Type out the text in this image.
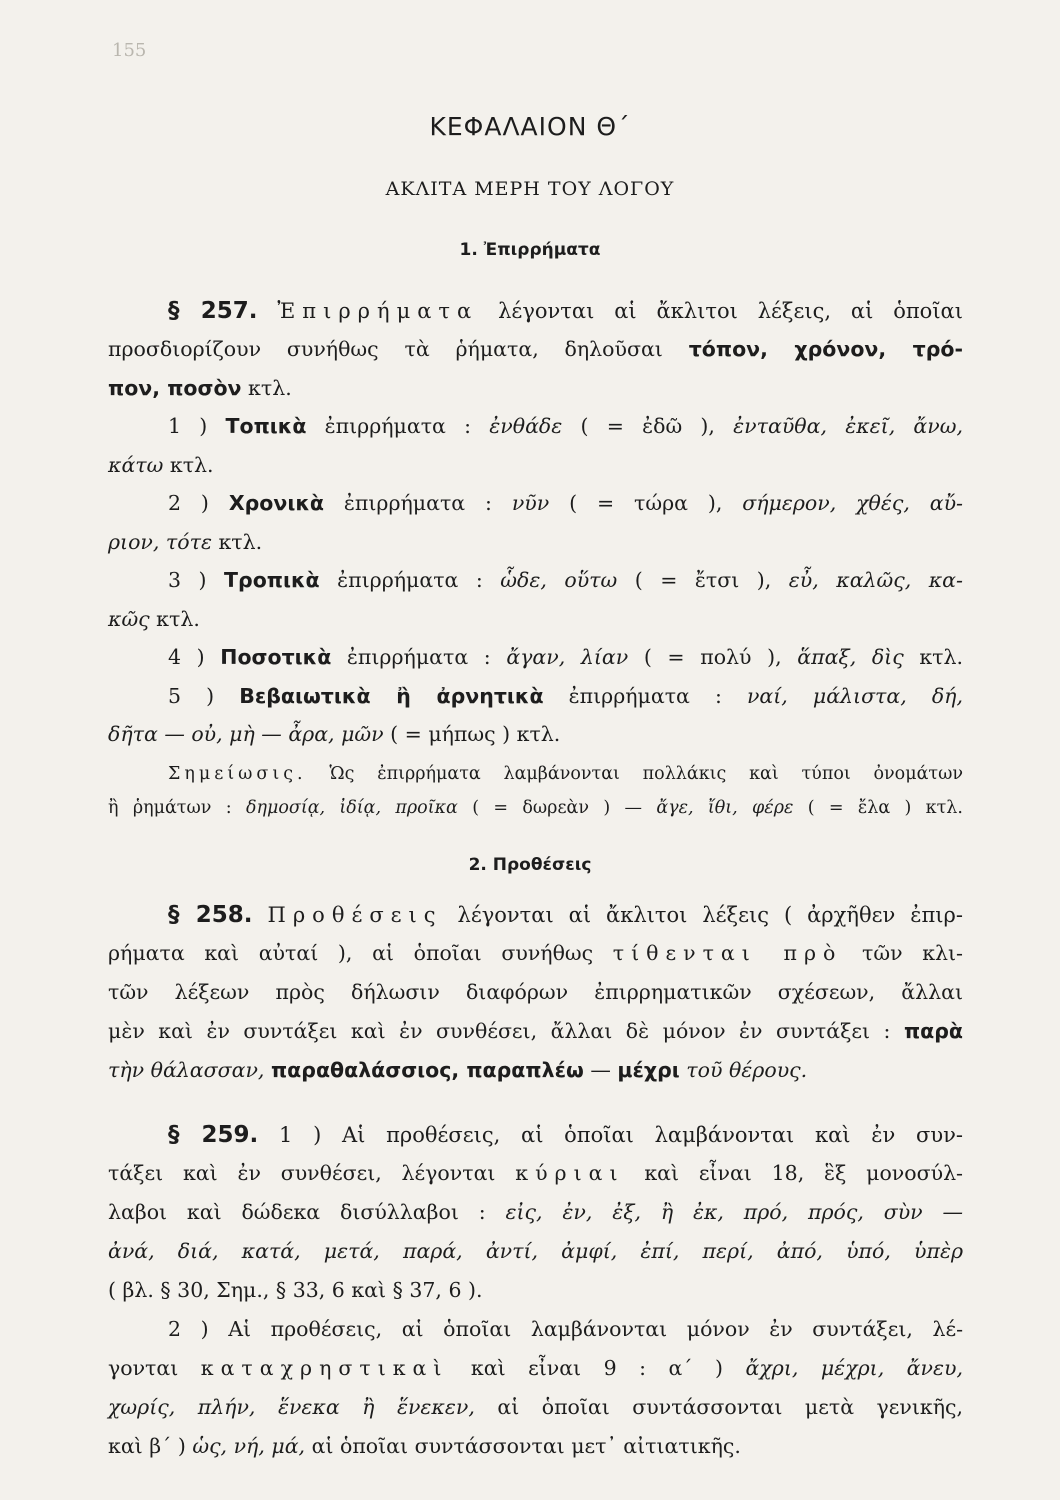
155
ΚΕΦΑΛΑΙΟΝ Θ΄
ΑΚΛΙΤΑ ΜΕΡΗ ΤΟΥ ΛΟΓΟΥ
1. Ἐπιρρήματα
§ 257. Ἐπιρρήματα λέγονται αἱ ἄκλιτοι λέξεις, αἱ ὁποῖαι
προσδιορίζουν συνήθως τὰ ῥήματα, δηλοῦσαι τόπον, χρόνον, τρό-
πον, ποσὸν κτλ.
1 ) Τοπικὰ ἐπιρρήματα : ἐνθάδε ( = ἐδῶ ), ἐνταῦθα, ἐκεῖ, ἄνω,
κάτω κτλ.
2 ) Χρονικὰ ἐπιρρήματα : νῦν ( = τώρα ), σήμερον, χθές, αὔ-
ριον, τότε κτλ.
3 ) Τροπικὰ ἐπιρρήματα : ὧδε, οὕτω ( = ἔτσι ), εὖ, καλῶς, κα-
κῶς κτλ.
4 ) Ποσοτικὰ ἐπιρρήματα : ἄγαν, λίαν ( = πολύ ), ἅπαξ, δὶς κτλ.
5 ) Βεβαιωτικὰ ἢ ἀρνητικὰ ἐπιρρήματα : ναί, μάλιστα, δή,
δῆτα — οὐ, μὴ — ἆρα, μῶν ( = μήπως ) κτλ.
Σημείωσις. Ὡς ἐπιρρήματα λαμβάνονται πολλάκις καὶ τύποι ὀνομάτων
ἢ ῥημάτων : δημοσίᾳ, ἰδίᾳ, προῖκα ( = δωρεὰν ) — ἄγε, ἴθι, φέρε ( = ἔλα ) κτλ.
2. Προθέσεις
§ 258. Προθέσεις λέγονται αἱ ἄκλιτοι λέξεις ( ἀρχῆθεν ἐπιρ-
ρήματα καὶ αὐταί ), αἱ ὁποῖαι συνήθως τίθενται πρὸ τῶν κλι-
τῶν λέξεων πρὸς δήλωσιν διαφόρων ἐπιρρηματικῶν σχέσεων, ἄλλαι
μὲν καὶ ἐν συντάξει καὶ ἐν συνθέσει, ἄλλαι δὲ μόνον ἐν συντάξει : παρὰ
τὴν θάλασσαν, παραθαλάσσιος, παραπλέω — μέχρι τοῦ θέρους.
§ 259. 1 ) Αἱ προθέσεις, αἱ ὁποῖαι λαμβάνονται καὶ ἐν συν-
τάξει καὶ ἐν συνθέσει, λέγονται κύριαι καὶ εἶναι 18, ἓξ μονοσύλ-
λαβοι καὶ δώδεκα δισύλλαβοι : εἰς, ἐν, ἐξ, ἢ ἐκ, πρό, πρός, σὺν —
ἀνά, διά, κατά, μετά, παρά, ἀντί, ἀμφί, ἐπί, περί, ἀπό, ὑπό, ὑπὲρ
( βλ. § 30, Σημ., § 33, 6 καὶ § 37, 6 ).
2 ) Αἱ προθέσεις, αἱ ὁποῖαι λαμβάνονται μόνον ἐν συντάξει, λέ-
γονται καταχρηστικαὶ καὶ εἶναι 9 : α΄ ) ἄχρι, μέχρι, ἄνευ,
χωρίς, πλήν, ἕνεκα ἢ ἕνεκεν, αἱ ὁποῖαι συντάσσονται μετὰ γενικῆς,
καὶ β΄ ) ὡς, νή, μά, αἱ ὁποῖαι συντάσσονται μετ᾽ αἰτιατικῆς.
